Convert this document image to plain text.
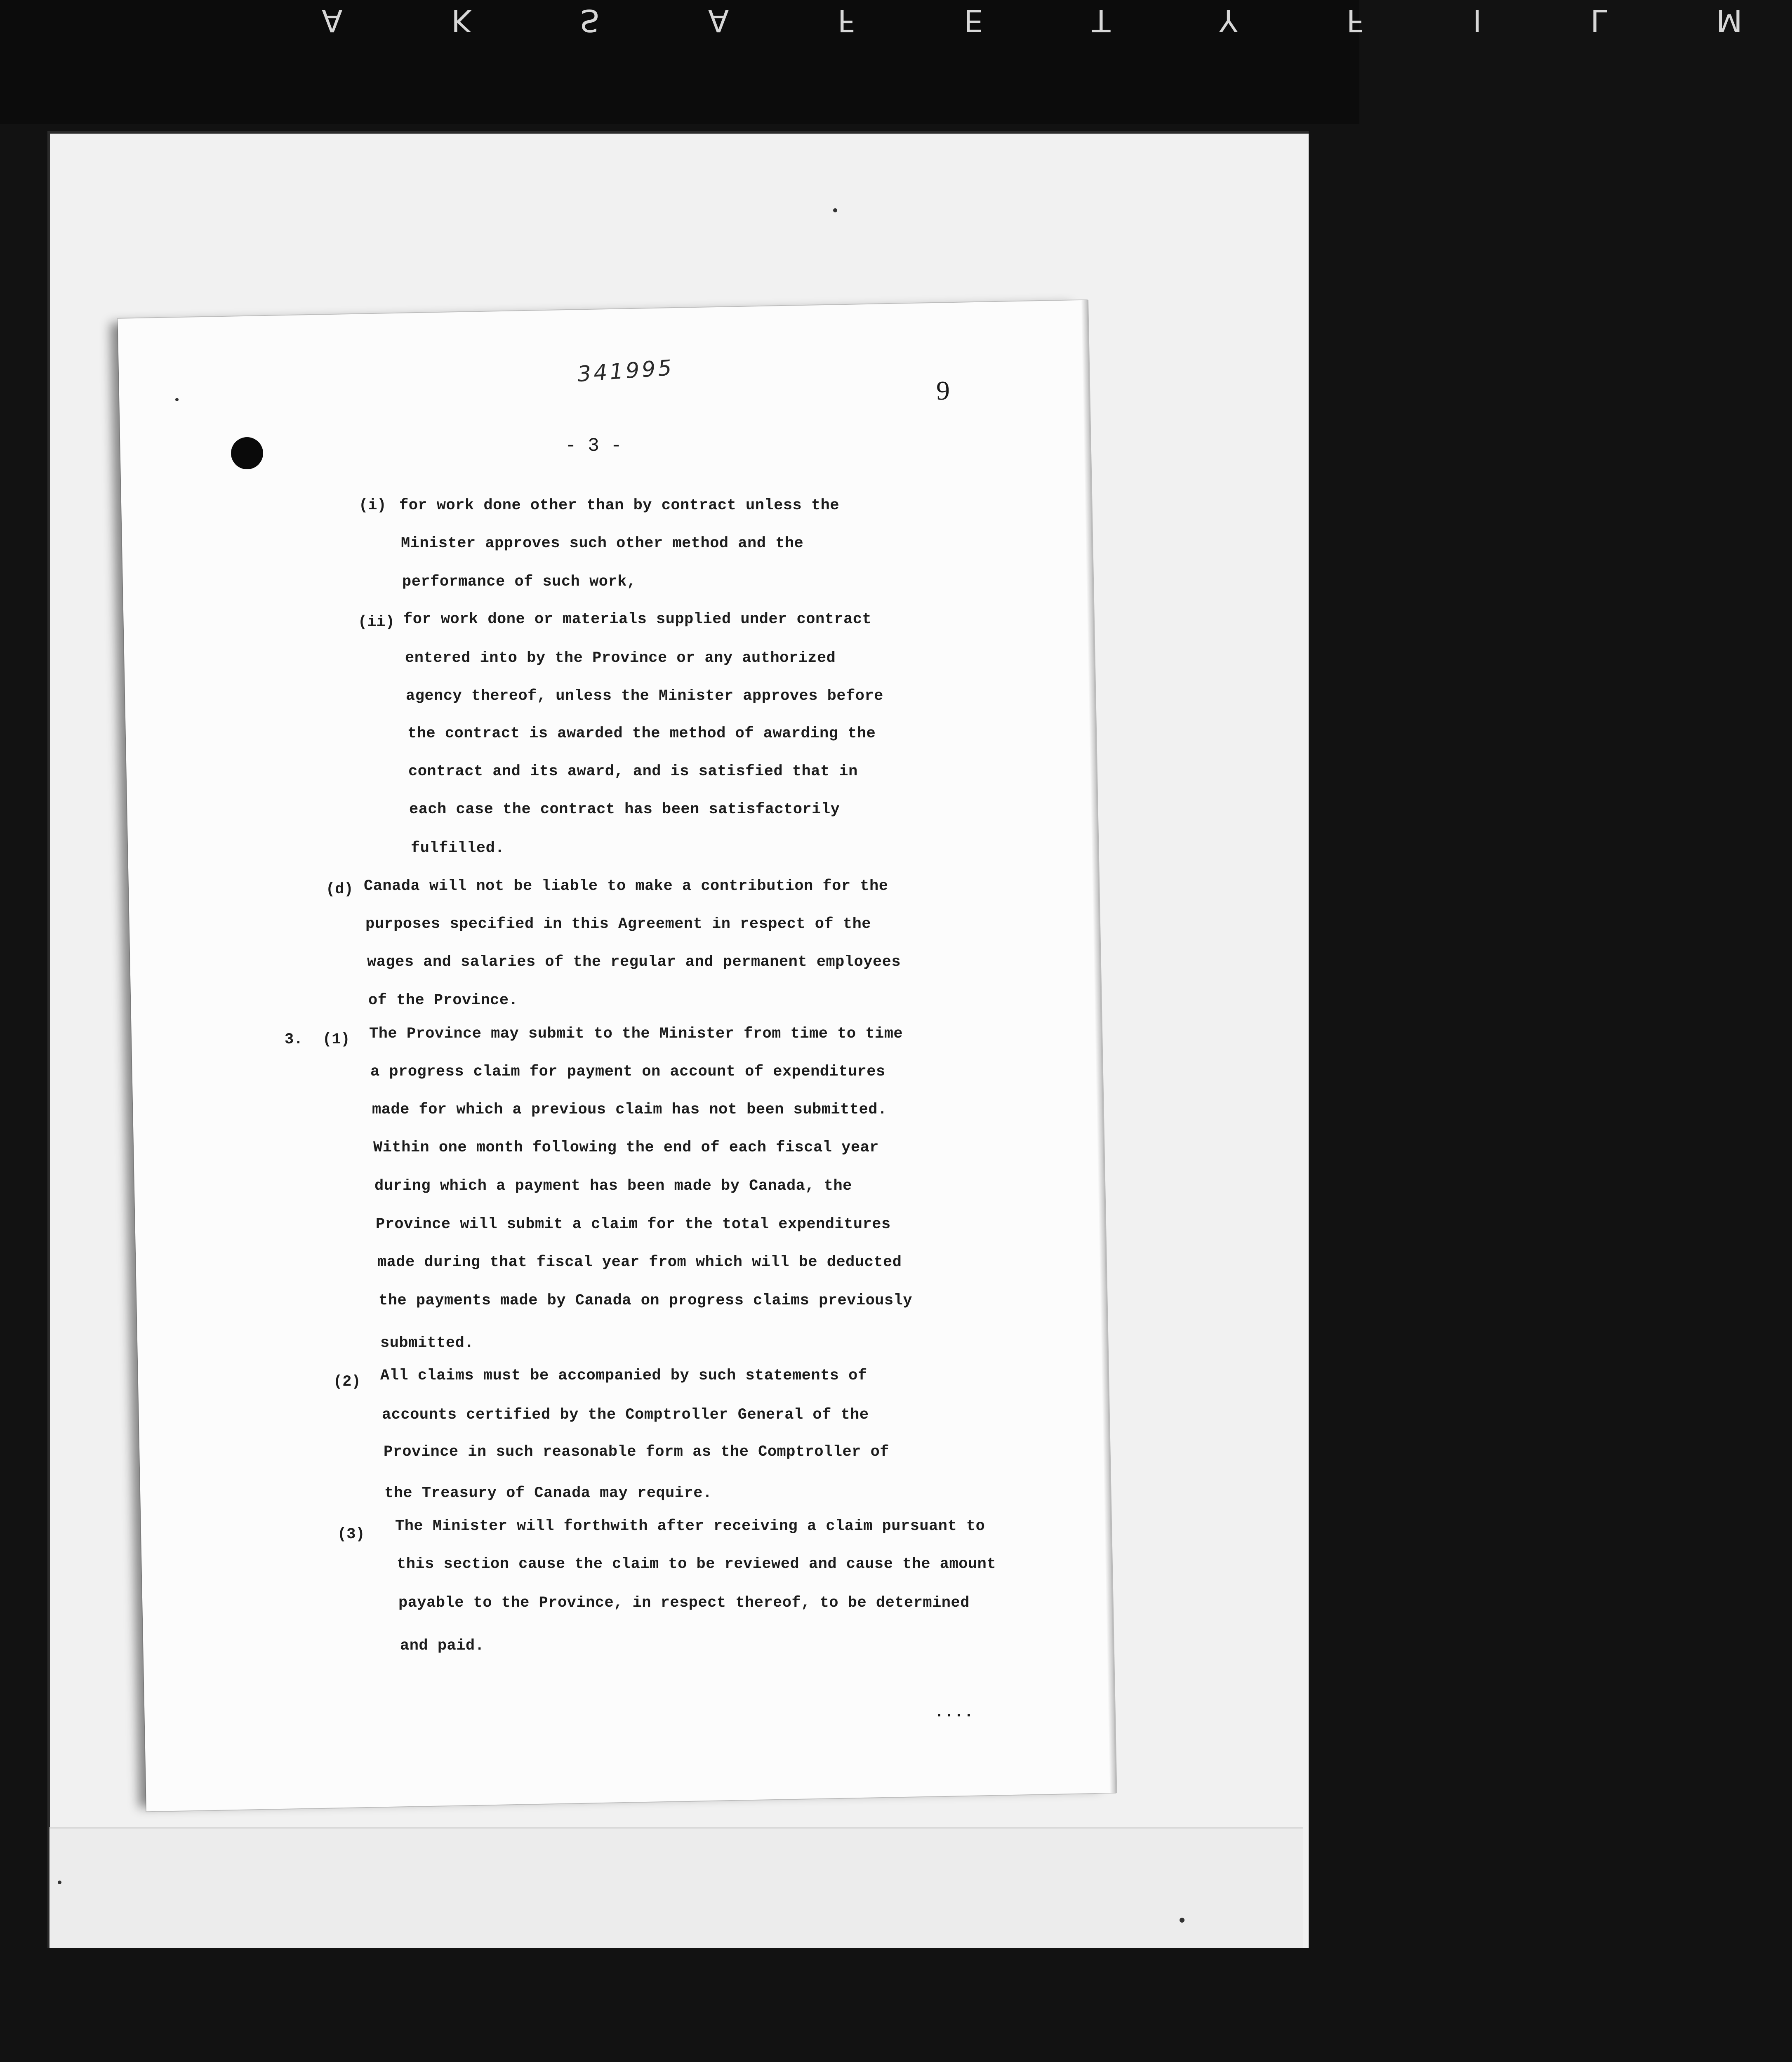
A K S A F E T Y F I L M
341995
9
- 3 -
(i) for work done other than by contract unless the
Minister approves such other method and the
performance of such work,
(ii) for work done or materials supplied under contract
entered into by the Province or any authorized
agency thereof, unless the Minister approves before
the contract is awarded the method of awarding the
contract and its award, and is satisfied that in
each case the contract has been satisfactorily
fulfilled.
(d) Canada will not be liable to make a contribution for the
purposes specified in this Agreement in respect of the
wages and salaries of the regular and permanent employees
of the Province.
3. (1) The Province may submit to the Minister from time to time
a progress claim for payment on account of expenditures
made for which a previous claim has not been submitted.
Within one month following the end of each fiscal year
during which a payment has been made by Canada, the
Province will submit a claim for the total expenditures
made during that fiscal year from which will be deducted
the payments made by Canada on progress claims previously
submitted.
(2) All claims must be accompanied by such statements of
accounts certified by the Comptroller General of the
Province in such reasonable form as the Comptroller of
the Treasury of Canada may require.
(3) The Minister will forthwith after receiving a claim pursuant to
this section cause the claim to be reviewed and cause the amount
payable to the Province, in respect thereof, to be determined
and paid.
....
